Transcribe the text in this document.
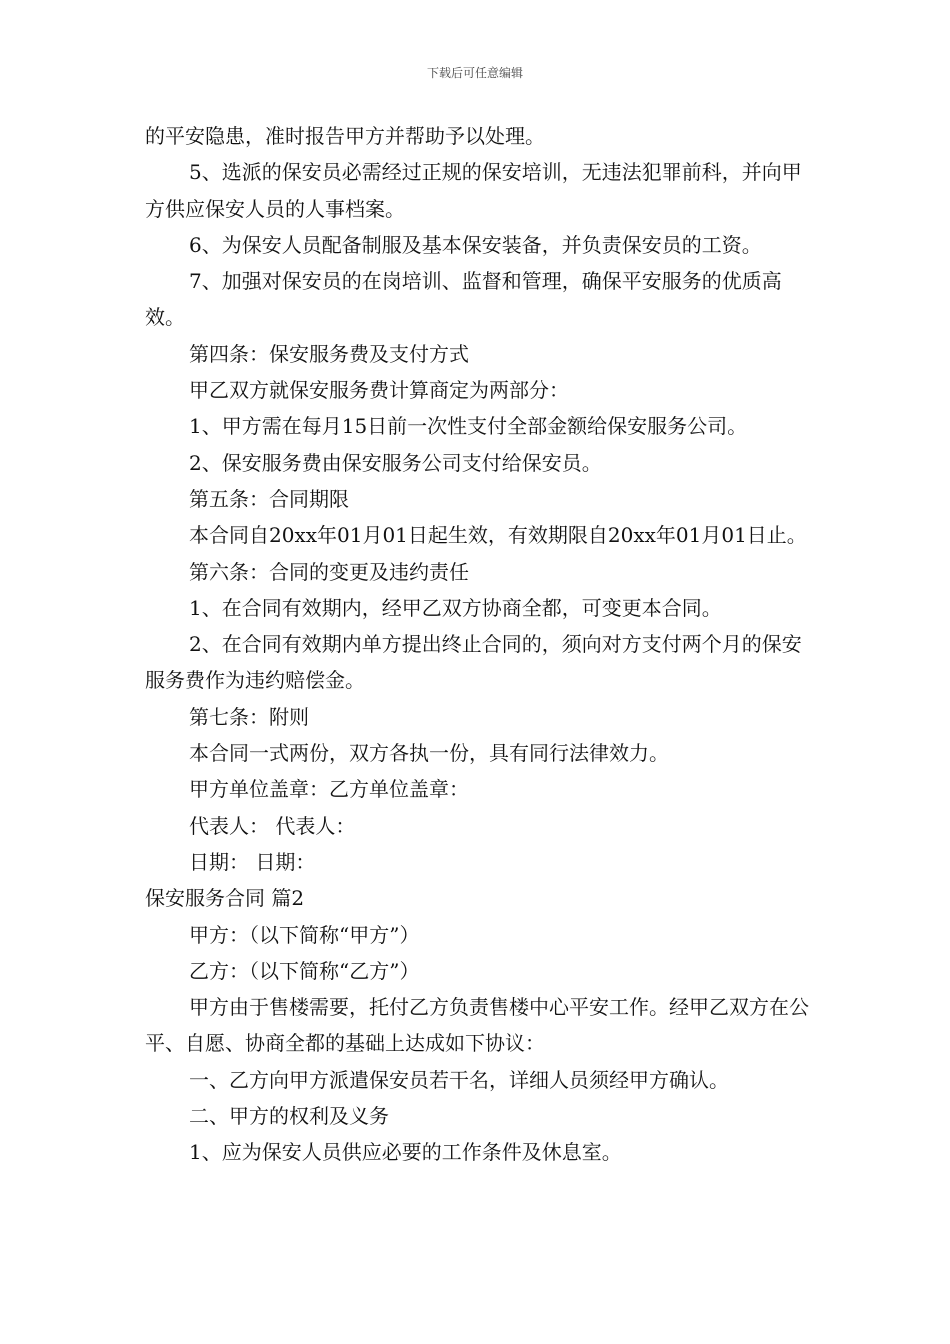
下载后可任意编辑

的平安隐患，准时报告甲方并帮助予以处理。

5、选派的保安员必需经过正规的保安培训，无违法犯罪前科，并向甲方供应保安人员的人事档案。

6、为保安人员配备制服及基本保安装备，并负责保安员的工资。

7、加强对保安员的在岗培训、监督和管理，确保平安服务的优质高效。

第四条：保安服务费及支付方式

甲乙双方就保安服务费计算商定为两部分：

1、甲方需在每月15日前一次性支付全部金额给保安服务公司。

2、保安服务费由保安服务公司支付给保安员。

第五条：合同期限

本合同自20xx年01月01日起生效，有效期限自20xx年01月01日止。

第六条：合同的变更及违约责任

1、在合同有效期内，经甲乙双方协商全都，可变更本合同。

2、在合同有效期内单方提出终止合同的，须向对方支付两个月的保安服务费作为违约赔偿金。

第七条：附则

本合同一式两份，双方各执一份，具有同行法律效力。

甲方单位盖章：乙方单位盖章：

代表人： 代表人：

日期： 日期：

保安服务合同 篇2

甲方：（以下简称“甲方”）

乙方：（以下简称“乙方”）

甲方由于售楼需要，托付乙方负责售楼中心平安工作。经甲乙双方在公平、自愿、协商全都的基础上达成如下协议：

一、乙方向甲方派遣保安员若干名，详细人员须经甲方确认。

二、甲方的权利及义务

1、应为保安人员供应必要的工作条件及休息室。
